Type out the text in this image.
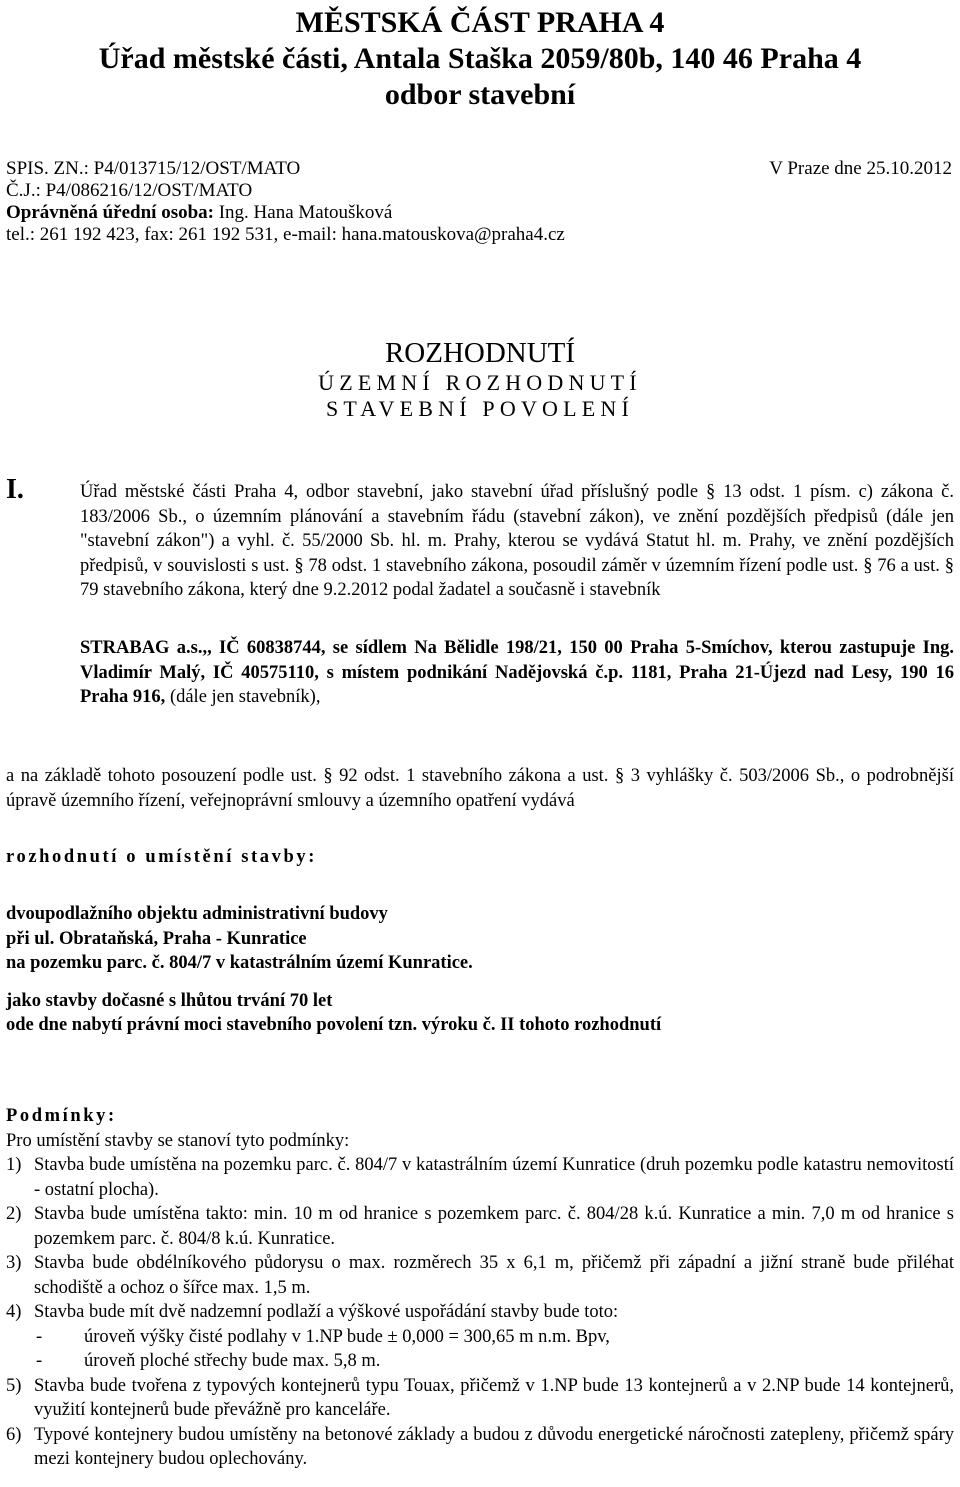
MĚSTSKÁ ČÁST PRAHA 4
Úřad městské části, Antala Staška 2059/80b, 140 46 Praha 4
odbor stavební
SPIS. ZN.: P4/013715/12/OST/MATO	V Praze dne 25.10.2012
Č.J.: P4/086216/12/OST/MATO
Oprávněná úřední osoba: Ing. Hana Matoušková
tel.: 261 192 423, fax: 261 192 531, e-mail: hana.matouskova@praha4.cz
ROZHODNUTÍ
ÚZEMNÍ ROZHODNUTÍ
STAVEBNÍ POVOLENÍ
I.	Úřad městské části Praha 4, odbor stavební, jako stavební úřad příslušný podle § 13 odst. 1 písm. c) zákona č. 183/2006 Sb., o územním plánování a stavebním řádu (stavební zákon), ve znění pozdějších předpisů (dále jen "stavební zákon") a vyhl. č. 55/2000 Sb. hl. m. Prahy, kterou se vydává Statut hl. m. Prahy, ve znění pozdějších předpisů, v souvislosti s ust. § 78 odst. 1 stavebního zákona, posoudil záměr v územním řízení podle ust. § 76 a ust. § 79 stavebního zákona, který dne 9.2.2012 podal žadatel a současně i stavebník
STRABAG a.s.,, IČ 60838744, se sídlem Na Bělidle 198/21, 150 00 Praha 5-Smíchov, kterou zastupuje Ing. Vladimír Malý, IČ 40575110, s místem podnikání Nadějovská č.p. 1181, Praha 21-Újezd nad Lesy, 190 16 Praha 916, (dále jen stavebník),
a na základě tohoto posouzení podle ust. § 92 odst. 1 stavebního zákona a ust. § 3 vyhlášky č. 503/2006 Sb., o podrobnější úpravě územního řízení, veřejnoprávní smlouvy a územního opatření vydává
rozhodnutí o umístění stavby:
dvoupodlažního objektu administrativní budovy
při ul. Obrataňská, Praha - Kunratice
na pozemku parc. č. 804/7 v katastrálním území Kunratice.
jako stavby dočasné s lhůtou trvání 70 let
ode dne nabytí právní moci stavebního povolení tzn. výroku č. II tohoto rozhodnutí
Podmínky:
Pro umístění stavby se stanoví tyto podmínky:
1) Stavba bude umístěna na pozemku parc. č. 804/7 v katastrálním území Kunratice (druh pozemku podle katastru nemovitostí - ostatní plocha).
2) Stavba bude umístěna takto: min. 10 m od hranice s pozemkem parc. č. 804/28 k.ú. Kunratice a min. 7,0 m od hranice s pozemkem parc. č. 804/8 k.ú. Kunratice.
3) Stavba bude obdélníkového půdorysu o max. rozměrech 35 x 6,1 m, přičemž při západní a jižní straně bude přiléhat schodiště a ochoz o šířce max. 1,5 m.
4) Stavba bude mít dvě nadzemní podlaží a výškové uspořádání stavby bude toto:
-	úroveň výšky čisté podlahy v 1.NP bude ± 0,000 = 300,65 m n.m. Bpv,
-	úroveň ploché střechy bude max. 5,8 m.
5) Stavba bude tvořena z typových kontejnerů typu Touax, přičemž v 1.NP bude 13 kontejnerů a v 2.NP bude 14 kontejnerů, využití kontejnerů bude převážně pro kanceláře.
6) Typové kontejnery budou umístěny na betonové základy a budou z důvodu energetické náročnosti zatepleny, přičemž spáry mezi kontejnery budou oplechovány.
